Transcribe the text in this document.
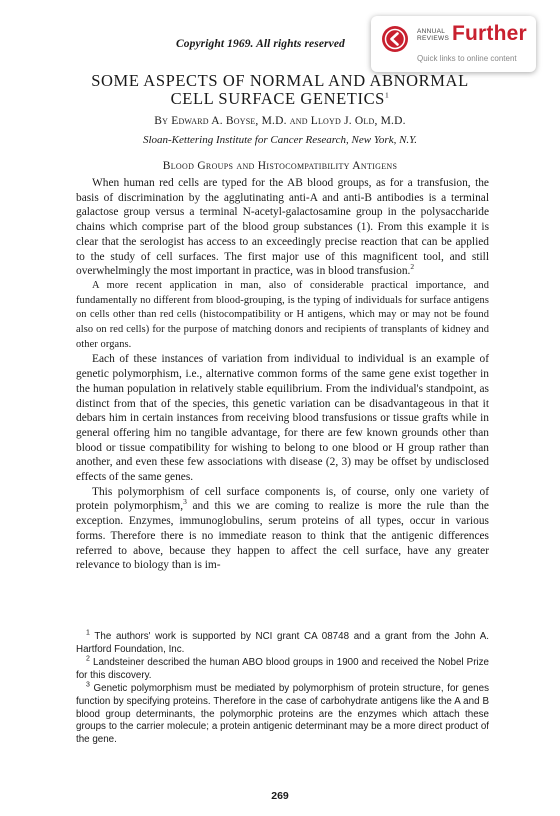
Copyright 1969. All rights reserved
ANNUAL
REVIEWS Further
Quick links to online content
SOME ASPECTS OF NORMAL AND ABNORMAL
CELL SURFACE GENETICS$^1$
By Edward A. Boyse, M.D. and Lloyd J. Old, M.D.
Sloan-Kettering Institute for Cancer Research, New York, N.Y.
Blood Groups and Histocompatibility Antigens

When human red cells are typed for the AB blood groups, as for a transfusion, the basis of discrimination by the agglutinating anti-A and anti-B antibodies is a terminal galactose group versus a terminal N-acetyl-galactosamine group in the polysaccharide chains which comprise part of the blood group substances (1). From this example it is clear that the serologist has access to an exceedingly precise reaction that can be applied to the study of cell surfaces. The first major use of this magnificent tool, and still overwhelmingly the most important in practice, was in blood transfusion.$^2$

A more recent application in man, also of considerable practical importance, and fundamentally no different from blood-grouping, is the typing of individuals for surface antigens on cells other than red cells (histocompatibility or H antigens, which may or may not be found also on red cells) for the purpose of matching donors and recipients of transplants of kidney and other organs.

Each of these instances of variation from individual to individual is an example of genetic polymorphism, i.e., alternative common forms of the same gene exist together in the human population in relatively stable equilibrium. From the individual's standpoint, as distinct from that of the species, this genetic variation can be disadvantageous in that it debars him in certain instances from receiving blood transfusions or tissue grafts while in general offering him no tangible advantage, for there are few known grounds other than blood or tissue compatibility for wishing to belong to one blood or H group rather than another, and even these few associations with disease (2, 3) may be offset by undisclosed effects of the same genes.

This polymorphism of cell surface components is, of course, only one variety of protein polymorphism,$^3$ and this we are coming to realize is more the rule than the exception. Enzymes, immunoglobulins, serum proteins of all types, occur in various forms. Therefore there is no immediate reason to think that the antigenic differences referred to above, because they happen to affect the cell surface, have any greater relevance to biology than is im-

$^1$ The authors' work is supported by NCI grant CA 08748 and a grant from the John A. Hartford Foundation, Inc.

$^2$ Landsteiner described the human ABO blood groups in 1900 and received the Nobel Prize for this discovery.

$^3$ Genetic polymorphism must be mediated by polymorphism of protein structure, for genes function by specifying proteins. Therefore in the case of carbohydrate antigens like the A and B blood group determinants, the polymorphic proteins are the enzymes which attach these groups to the carrier molecule; a protein antigenic determinant may be a more direct product of the gene.

269
